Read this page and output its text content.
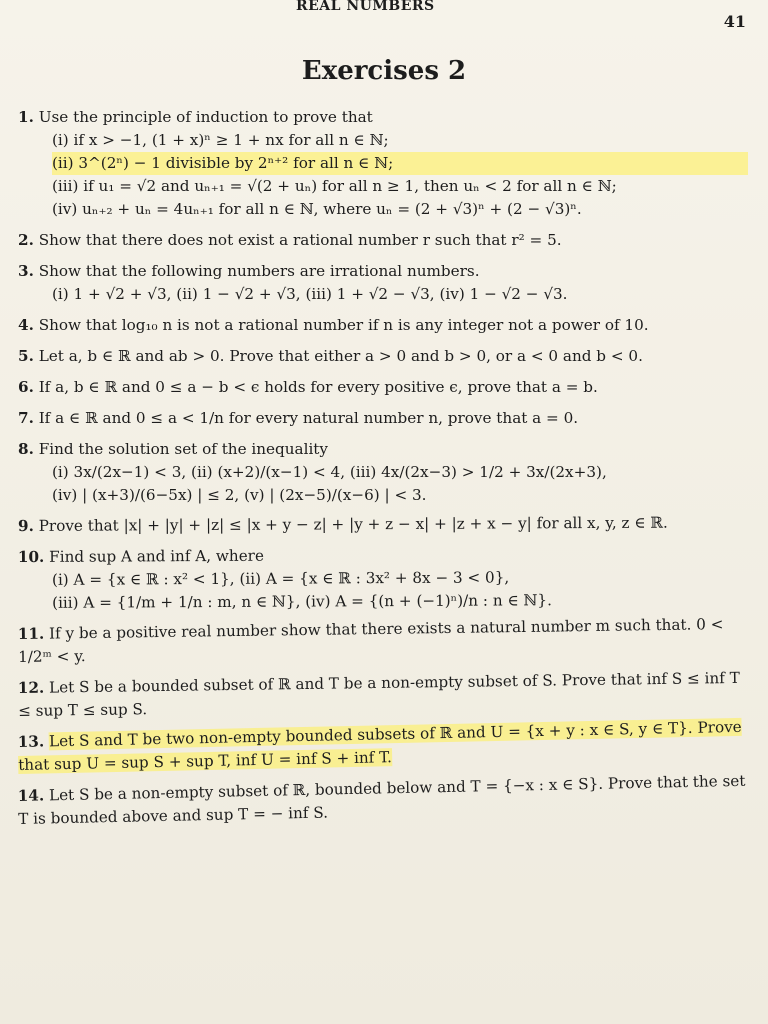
REAL NUMBERS
41
Exercises 2
1. Use the principle of induction to prove that
(i) if x > −1, (1 + x)ⁿ ≥ 1 + nx for all n ∈ ℕ;
(ii) 3^(2ⁿ) − 1 divisible by 2ⁿ⁺² for all n ∈ ℕ;
(iii) if u₁ = √2 and uₙ₊₁ = √(2 + uₙ) for all n ≥ 1, then uₙ < 2 for all n ∈ ℕ;
(iv) uₙ₊₂ + uₙ = 4uₙ₊₁ for all n ∈ ℕ, where uₙ = (2 + √3)ⁿ + (2 − √3)ⁿ.
2. Show that there does not exist a rational number r such that r² = 5.
3. Show that the following numbers are irrational numbers.
(i) 1 + √2 + √3, (ii) 1 − √2 + √3, (iii) 1 + √2 − √3, (iv) 1 − √2 − √3.
4. Show that log₁₀ n is not a rational number if n is any integer not a power of 10.
5. Let a, b ∈ ℝ and ab > 0. Prove that either a > 0 and b > 0, or a < 0 and b < 0.
6. If a, b ∈ ℝ and 0 ≤ a − b < ϵ holds for every positive ϵ, prove that a = b.
7. If a ∈ ℝ and 0 ≤ a < 1/n for every natural number n, prove that a = 0.
8. Find the solution set of the inequality
(i) 3x/(2x−1) < 3, (ii) (x+2)/(x−1) < 4, (iii) 4x/(2x−3) > 1/2 + 3x/(2x+3),
(iv) | (x+3)/(6−5x) | ≤ 2, (v) | (2x−5)/(x−6) | < 3.
9. Prove that |x| + |y| + |z| ≤ |x + y − z| + |y + z − x| + |z + x − y| for all x, y, z ∈ ℝ.
10. Find sup A and inf A, where
(i) A = {x ∈ ℝ : x² < 1}, (ii) A = {x ∈ ℝ : 3x² + 8x − 3 < 0},
(iii) A = {1/m + 1/n : m, n ∈ ℕ}, (iv) A = {(n + (−1)ⁿ)/n : n ∈ ℕ}.
11. If y be a positive real number show that there exists a natural number m such that. 0 < 1/2ᵐ < y.
12. Let S be a bounded subset of ℝ and T be a non-empty subset of S. Prove that inf S ≤ inf T ≤ sup T ≤ sup S.
13. Let S and T be two non-empty bounded subsets of ℝ and U = {x + y : x ∈ S, y ∈ T}. Prove that sup U = sup S + sup T, inf U = inf S + inf T.
14. Let S be a non-empty subset of ℝ, bounded below and T = {−x : x ∈ S}. Prove that the set T is bounded above and sup T = − inf S.
